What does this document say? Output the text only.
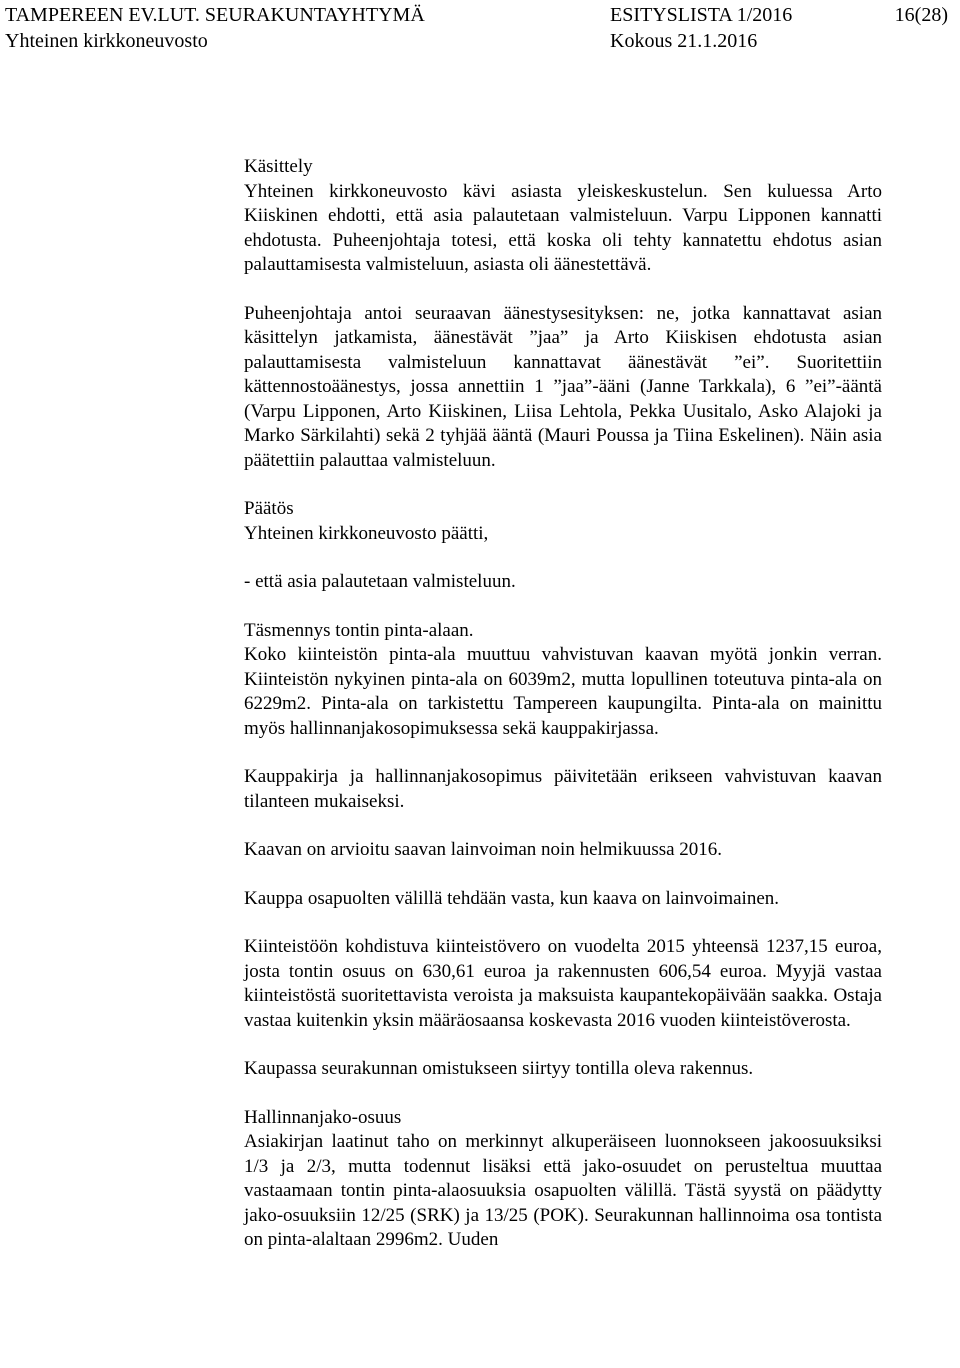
TAMPEREEN EV.LUT. SEURAKUNTAYHTYMÄ	ESITYSLISTA 1/2016	16(28)
Yhteinen kirkkoneuvosto	Kokous 21.1.2016

Käsittely

Yhteinen kirkkoneuvosto kävi asiasta yleiskeskustelun. Sen kuluessa Arto Kiiskinen ehdotti, että asia palautetaan valmisteluun. Varpu Lipponen kannatti ehdotusta. Puheenjohtaja totesi, että koska oli tehty kannatettu ehdotus asian palauttamisesta valmisteluun, asiasta oli äänestettävä.

Puheenjohtaja antoi seuraavan äänestysesityksen: ne, jotka kannattavat asian käsittelyn jatkamista, äänestävät ”jaa” ja Arto Kiiskisen ehdotusta asian palauttamisesta valmisteluun kannattavat äänestävät ”ei”. Suoritettiin kättennostoäänestys, jossa annettiin 1 ”jaa”-ääni (Janne Tarkkala), 6 ”ei”-ääntä (Varpu Lipponen, Arto Kiiskinen, Liisa Lehtola, Pekka Uusitalo, Asko Alajoki ja Marko Särkilahti) sekä 2 tyhjää ääntä (Mauri Poussa ja Tiina Eskelinen). Näin asia päätettiin palauttaa valmisteluun.

Päätös

Yhteinen kirkkoneuvosto päätti,

- että asia palautetaan valmisteluun.

Täsmennys tontin pinta-alaan.

Koko kiinteistön pinta-ala muuttuu vahvistuvan kaavan myötä jonkin verran. Kiinteistön nykyinen pinta-ala on 6039m2, mutta lopullinen toteutuva pinta-ala on 6229m2. Pinta-ala on tarkistettu Tampereen kaupungilta. Pinta-ala on mainittu myös hallinnanjakosopimuksessa sekä kauppakirjassa.

Kauppakirja ja hallinnanjakosopimus päivitetään erikseen vahvistuvan kaavan tilanteen mukaiseksi.

Kaavan on arvioitu saavan lainvoiman noin helmikuussa 2016.

Kauppa osapuolten välillä tehdään vasta, kun kaava on lainvoimainen.

Kiinteistöön kohdistuva kiinteistövero on vuodelta 2015 yhteensä 1237,15 euroa, josta tontin osuus on 630,61 euroa ja rakennusten 606,54 euroa. Myyjä vastaa kiinteistöstä suoritettavista veroista ja maksuista kaupantekopäivään saakka. Ostaja vastaa kuitenkin yksin määräosaansa koskevasta 2016 vuoden kiinteistöverosta.

Kaupassa seurakunnan omistukseen siirtyy tontilla oleva rakennus.

Hallinnanjako-osuus

Asiakirjan laatinut taho on merkinnyt alkuperäiseen luonnokseen jakoosuuksiksi 1/3 ja 2/3, mutta todennut lisäksi että jako-osuudet on perusteltua muuttaa vastaamaan tontin pinta-alaosuuksia osapuolten välillä. Tästä syystä on päädytty jako-osuuksiin 12/25 (SRK) ja 13/25 (POK). Seurakunnan hallinnoima osa tontista on pinta-alaltaan 2996m2. Uuden
